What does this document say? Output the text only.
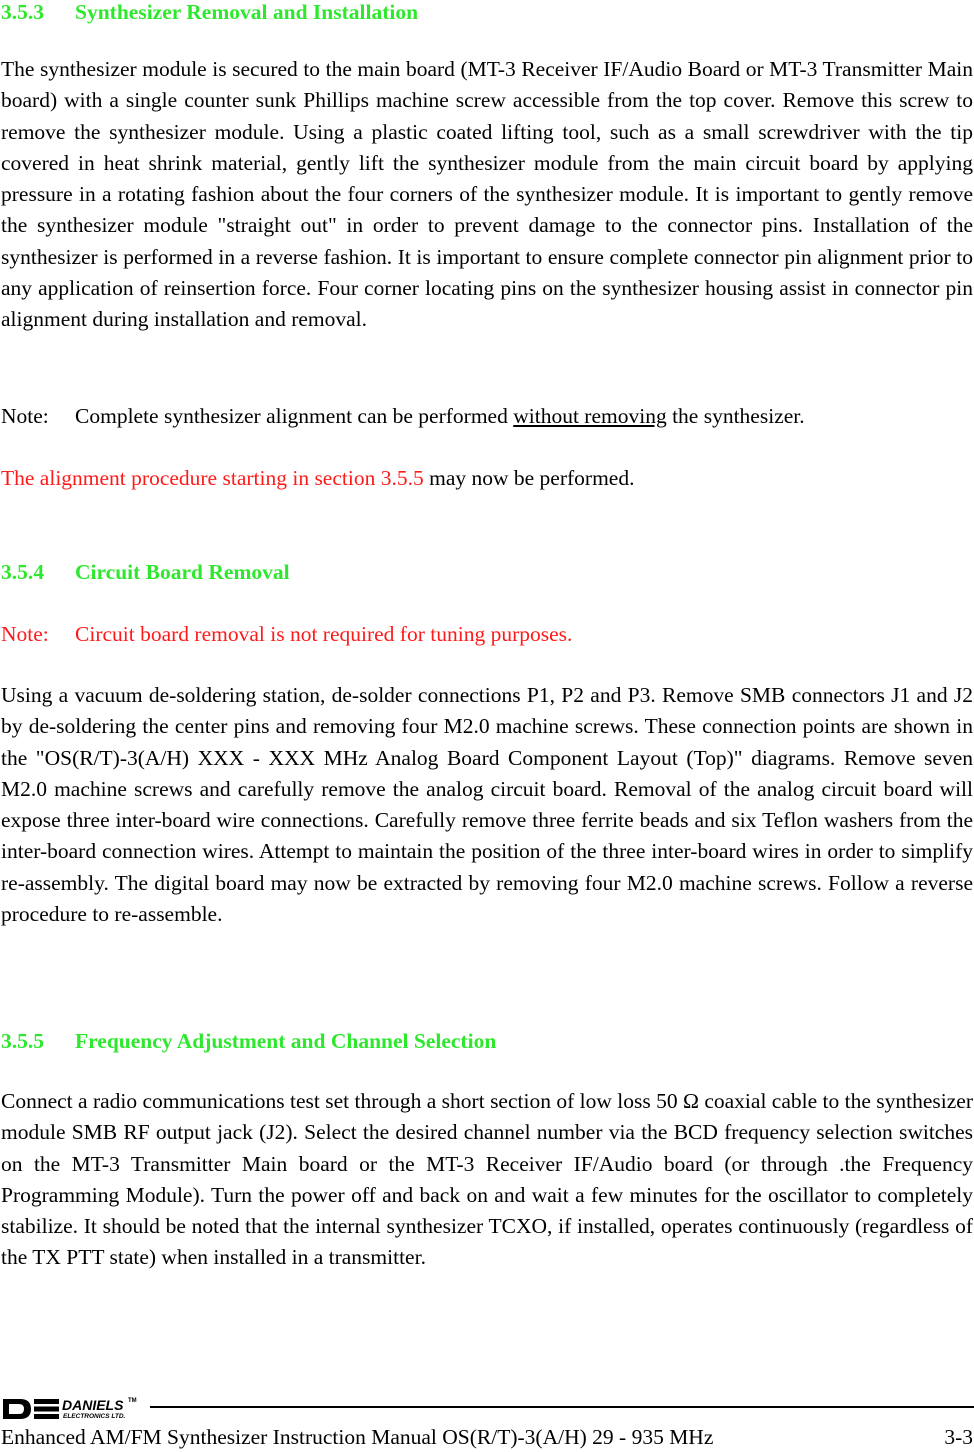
3.5.3 Synthesizer Removal and Installation
The synthesizer module is secured to the main board (MT-3 Receiver IF/Audio Board or MT-3 Transmitter Main board) with a single counter sunk Phillips machine screw accessible from the top cover. Remove this screw to remove the synthesizer module. Using a plastic coated lifting tool, such as a small screwdriver with the tip covered in heat shrink material, gently lift the synthesizer module from the main circuit board by applying pressure in a rotating fashion about the four corners of the synthesizer module. It is important to gently remove the synthesizer module "straight out" in order to prevent damage to the connector pins. Installation of the synthesizer is performed in a reverse fashion. It is important to ensure complete connector pin alignment prior to any application of reinsertion force. Four corner locating pins on the synthesizer housing assist in connector pin alignment during installation and removal.
Note: Complete synthesizer alignment can be performed without removing the synthesizer.
The alignment procedure starting in section 3.5.5 may now be performed.
3.5.4 Circuit Board Removal
Note: Circuit board removal is not required for tuning purposes.
Using a vacuum de-soldering station, de-solder connections P1, P2 and P3. Remove SMB connectors J1 and J2 by de-soldering the center pins and removing four M2.0 machine screws. These connection points are shown in the "OS(R/T)-3(A/H) XXX - XXX MHz Analog Board Component Layout (Top)" diagrams. Remove seven M2.0 machine screws and carefully remove the analog circuit board. Removal of the analog circuit board will expose three inter-board wire connections. Carefully remove three ferrite beads and six Teflon washers from the inter-board connection wires. Attempt to maintain the position of the three inter-board wires in order to simplify re-assembly. The digital board may now be extracted by removing four M2.0 machine screws. Follow a reverse procedure to re-assemble.
3.5.5 Frequency Adjustment and Channel Selection
Connect a radio communications test set through a short section of low loss 50 Ω coaxial cable to the synthesizer module SMB RF output jack (J2). Select the desired channel number via the BCD frequency selection switches on the MT-3 Transmitter Main board or the MT-3 Receiver IF/Audio board (or through .the Frequency Programming Module). Turn the power off and back on and wait a few minutes for the oscillator to completely stabilize. It should be noted that the internal synthesizer TCXO, if installed, operates continuously (regardless of the TX PTT state) when installed in a transmitter.
DANIELS TM
ELECTRONICS LTD.
Enhanced AM/FM Synthesizer Instruction Manual OS(R/T)-3(A/H) 29 - 935 MHz	3-3
